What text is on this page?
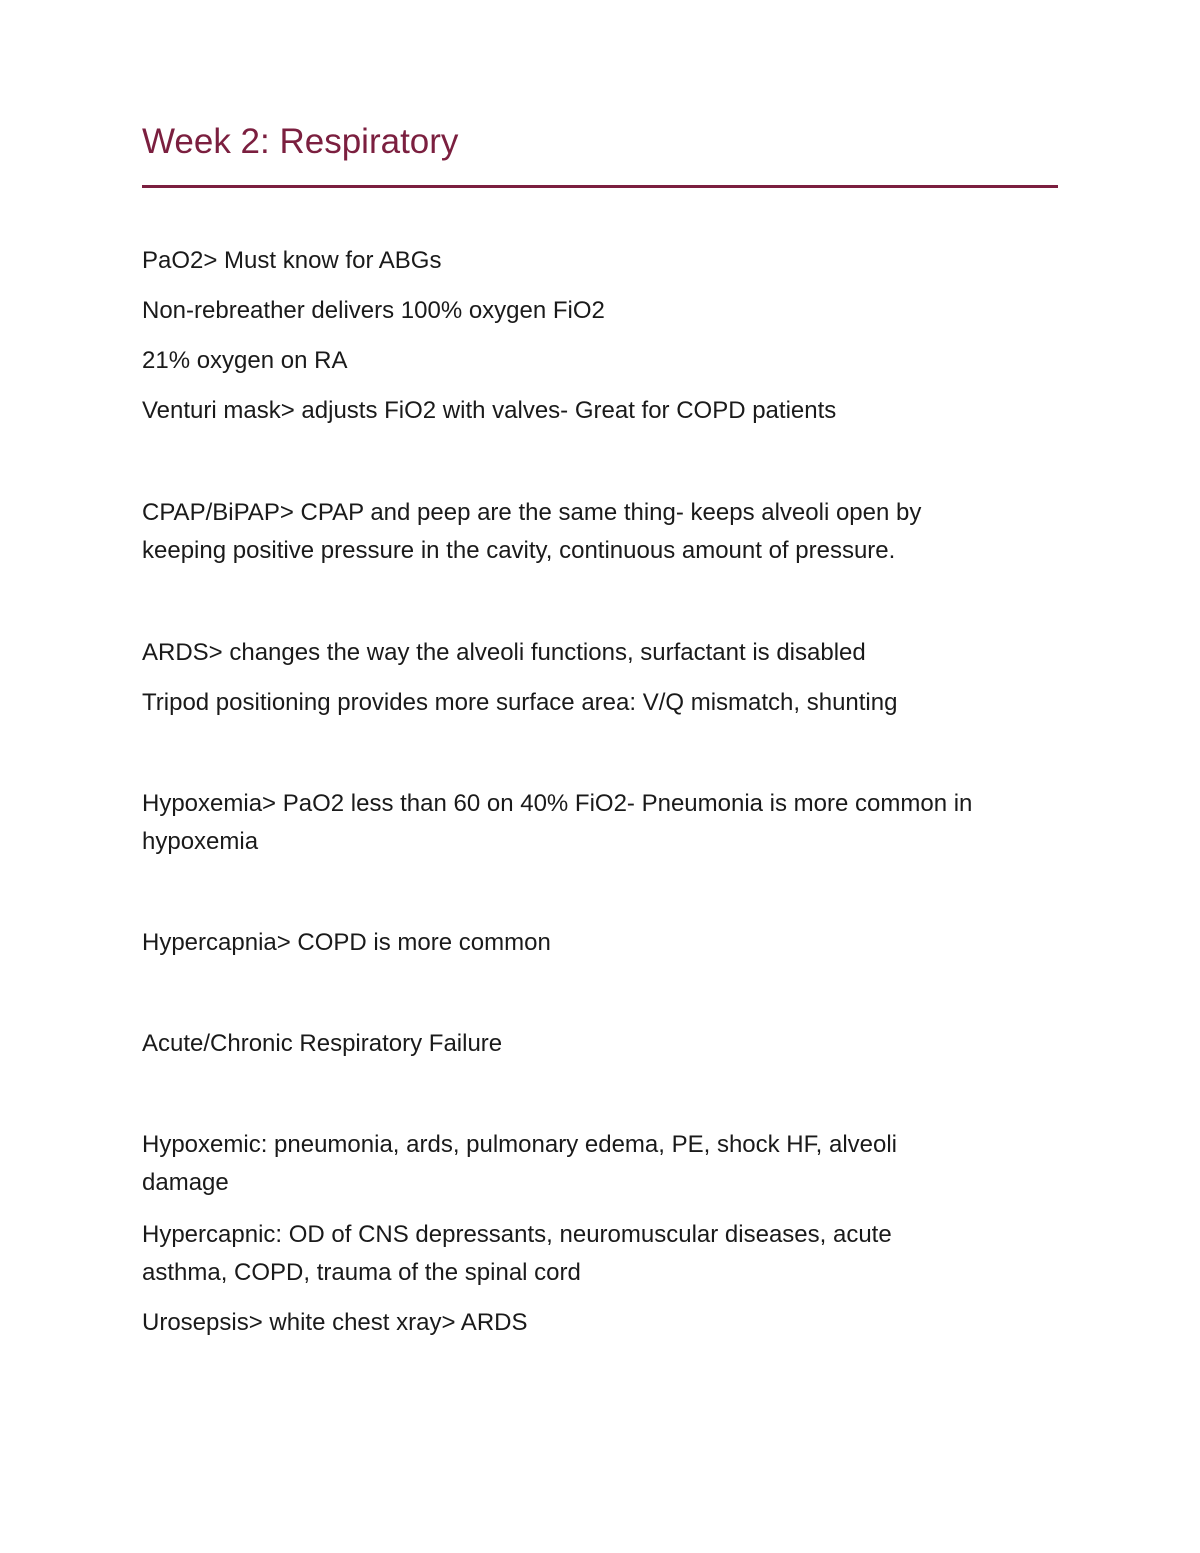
Week 2: Respiratory
PaO2> Must know for ABGs
Non-rebreather delivers 100% oxygen FiO2
21% oxygen on RA
Venturi mask> adjusts FiO2 with valves- Great for COPD patients
CPAP/BiPAP> CPAP and peep are the same thing- keeps alveoli open by
keeping positive pressure in the cavity, continuous amount of pressure.
ARDS> changes the way the alveoli functions, surfactant is disabled
Tripod positioning provides more surface area: V/Q mismatch, shunting
Hypoxemia> PaO2 less than 60 on 40% FiO2- Pneumonia is more common in
hypoxemia
Hypercapnia> COPD is more common
Acute/Chronic Respiratory Failure
Hypoxemic: pneumonia, ards, pulmonary edema, PE, shock HF, alveoli
damage
Hypercapnic: OD of CNS depressants, neuromuscular diseases, acute
asthma, COPD, trauma of the spinal cord
Urosepsis> white chest xray> ARDS
